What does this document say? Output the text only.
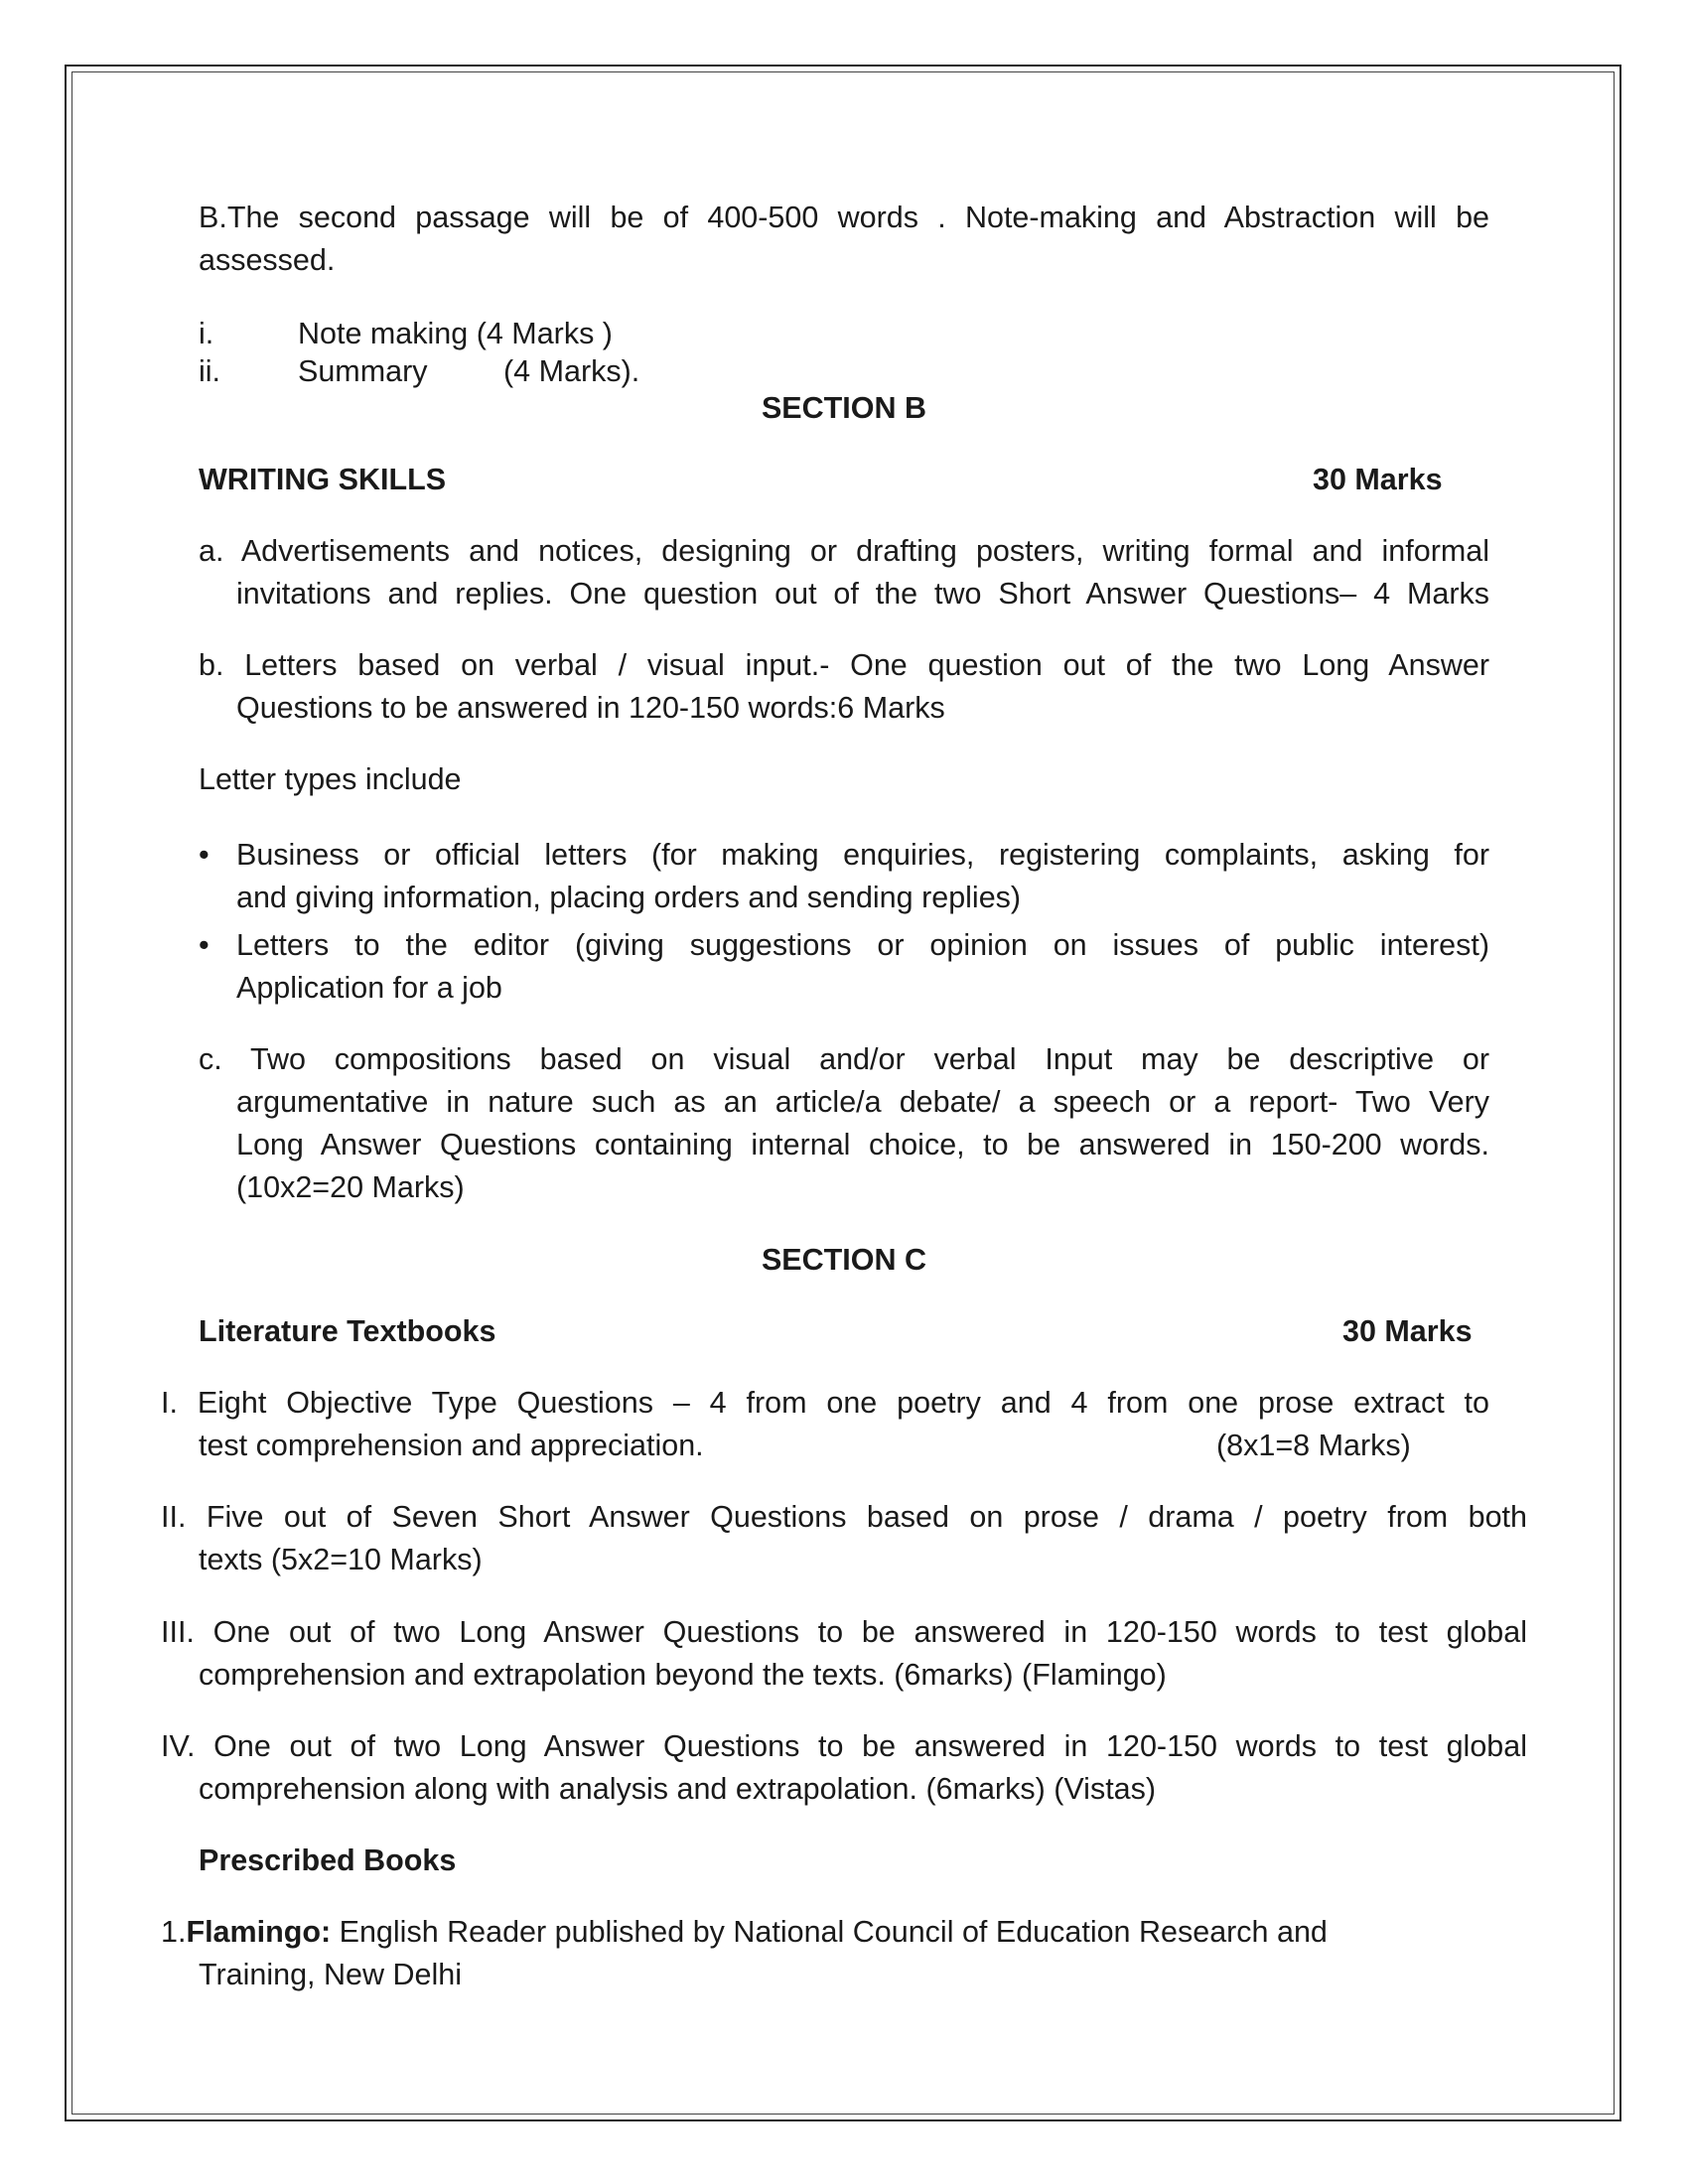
B.The second passage will be of 400-500 words . Note-making and Abstraction will be
assessed.
i.	Note making (4 Marks )
ii.	Summary	(4 Marks).
SECTION B
WRITING SKILLS	30 Marks
a. Advertisements and notices, designing or drafting posters, writing formal and informal
invitations and replies. One question out of the two Short Answer Questions– 4 Marks
b. Letters based on verbal / visual input.- One question out of the two Long Answer
Questions to be answered in 120-150 words:6 Marks
Letter types include
• Business or official letters (for making enquiries, registering complaints, asking for
and giving information, placing orders and sending replies)
• Letters to the editor (giving suggestions or opinion on issues of public interest)
Application for a job
c. Two compositions based on visual and/or verbal Input may be descriptive or
argumentative in nature such as an article/a debate/ a speech or a report- Two Very
Long Answer Questions containing internal choice, to be answered in 150-200 words.
(10x2=20 Marks)
SECTION C
Literature Textbooks	30 Marks
I. Eight Objective Type Questions – 4 from one poetry and 4 from one prose extract to
test comprehension and appreciation.	(8x1=8 Marks)
II. Five out of Seven Short Answer Questions based on prose / drama / poetry from both
texts (5x2=10 Marks)
III. One out of two Long Answer Questions to be answered in 120-150 words to test global
comprehension and extrapolation beyond the texts. (6marks) (Flamingo)
IV. One out of two Long Answer Questions to be answered in 120-150 words to test global
comprehension along with analysis and extrapolation. (6marks) (Vistas)
Prescribed Books
1.Flamingo: English Reader published by National Council of Education Research and
Training, New Delhi
